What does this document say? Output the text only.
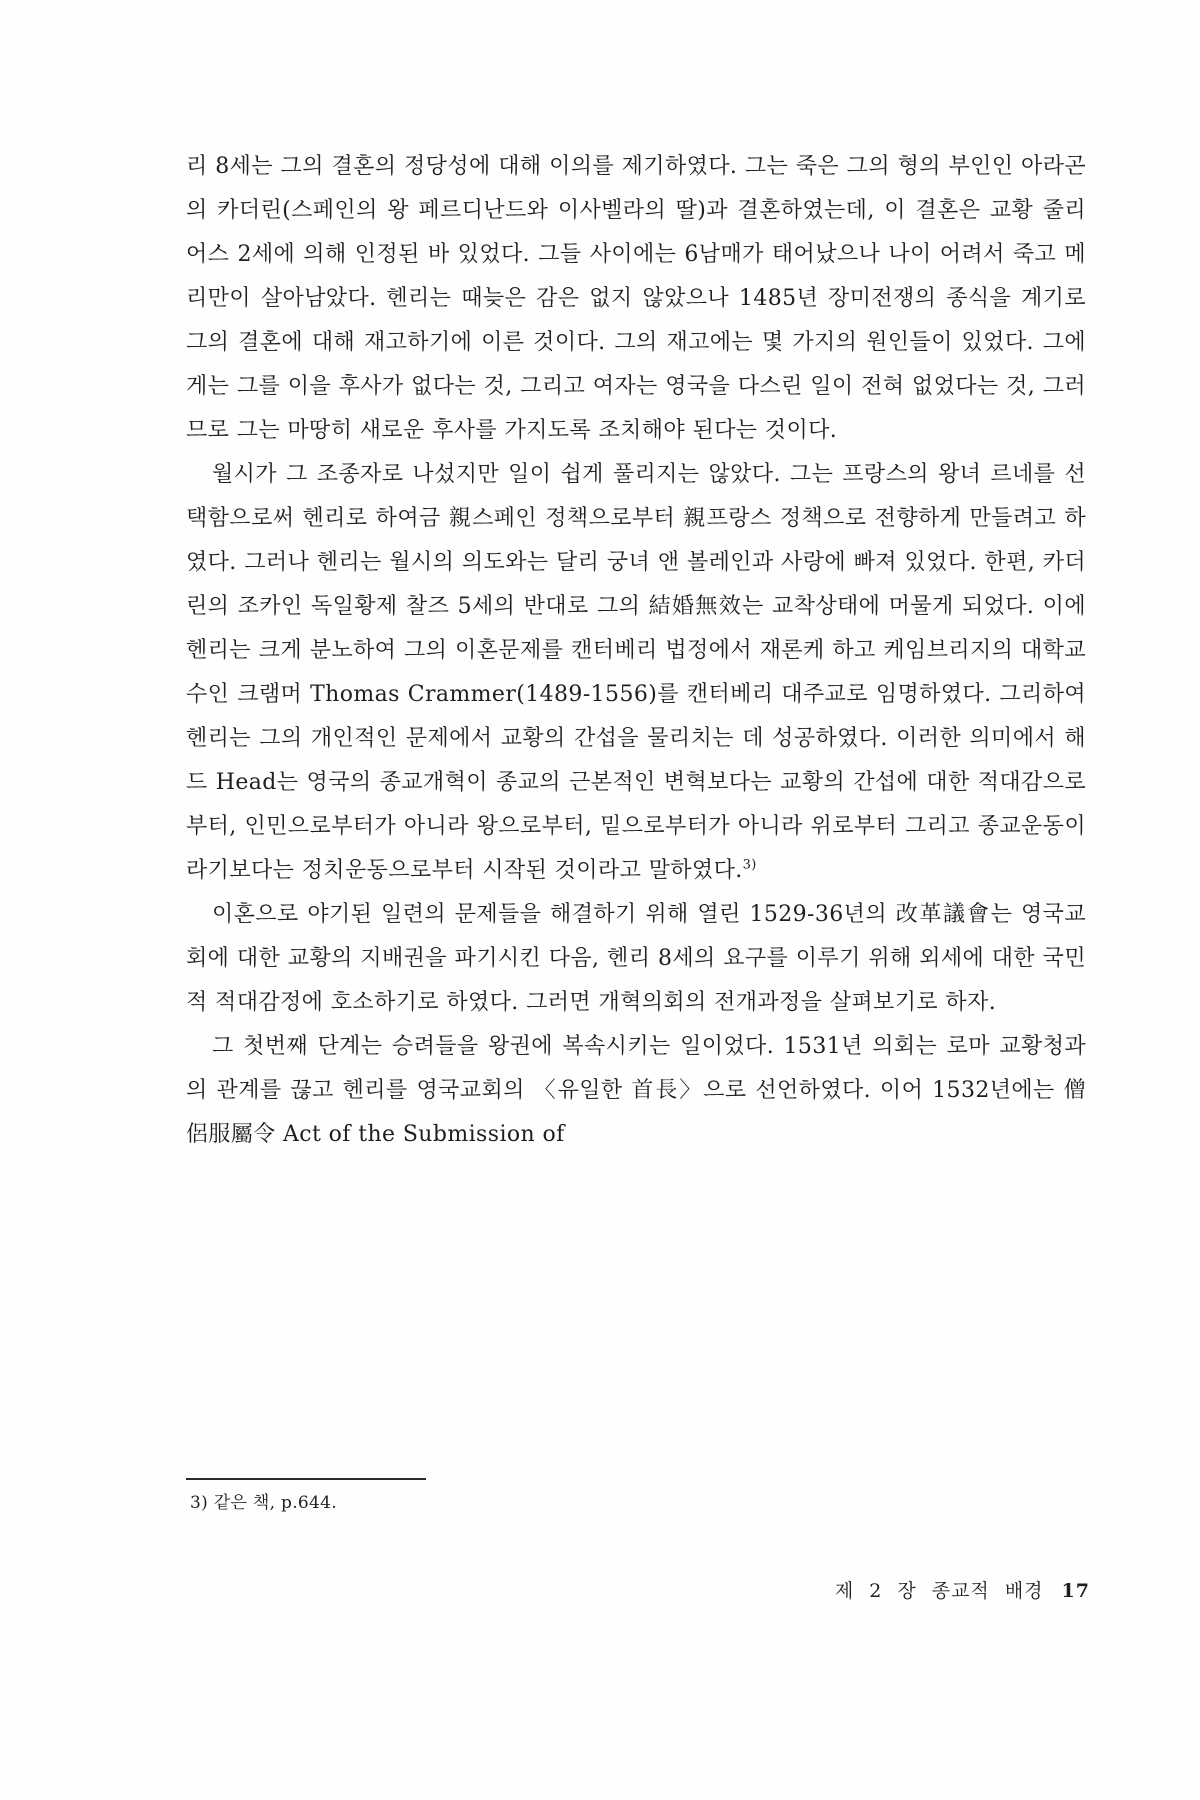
리 8세는 그의 결혼의 정당성에 대해 이의를 제기하였다. 그는 죽은 그의 형의 부인인 아라곤의 카더린(스페인의 왕 페르디난드와 이사벨라의 딸)과 결혼하였는데, 이 결혼은 교황 줄리어스 2세에 의해 인정된 바 있었다. 그들 사이에는 6남매가 태어났으나 나이 어려서 죽고 메리만이 살아남았다. 헨리는 때늦은 감은 없지 않았으나 1485년 장미전쟁의 종식을 계기로 그의 결혼에 대해 재고하기에 이른 것이다. 그의 재고에는 몇 가지의 원인들이 있었다. 그에게는 그를 이을 후사가 없다는 것, 그리고 여자는 영국을 다스린 일이 전혀 없었다는 것, 그러므로 그는 마땅히 새로운 후사를 가지도록 조치해야 된다는 것이다.

월시가 그 조종자로 나섰지만 일이 쉽게 풀리지는 않았다. 그는 프랑스의 왕녀 르네를 선택함으로써 헨리로 하여금 親스페인 정책으로부터 親프랑스 정책으로 전향하게 만들려고 하였다. 그러나 헨리는 월시의 의도와는 달리 궁녀 앤 볼레인과 사랑에 빠져 있었다. 한편, 카더린의 조카인 독일황제 찰즈 5세의 반대로 그의 結婚無效는 교착상태에 머물게 되었다. 이에 헨리는 크게 분노하여 그의 이혼문제를 캔터베리 법정에서 재론케 하고 케임브리지의 대학교수인 크램머 Thomas Crammer(1489-1556)를 캔터베리 대주교로 임명하였다. 그리하여 헨리는 그의 개인적인 문제에서 교황의 간섭을 물리치는 데 성공하였다. 이러한 의미에서 해드 Head는 영국의 종교개혁이 종교의 근본적인 변혁보다는 교황의 간섭에 대한 적대감으로부터, 인민으로부터가 아니라 왕으로부터, 밑으로부터가 아니라 위로부터 그리고 종교운동이라기보다는 정치운동으로부터 시작된 것이라고 말하였다.$^{3)}$

이혼으로 야기된 일련의 문제들을 해결하기 위해 열린 1529-36년의 改革議會는 영국교회에 대한 교황의 지배권을 파기시킨 다음, 헨리 8세의 요구를 이루기 위해 외세에 대한 국민적 적대감정에 호소하기로 하였다. 그러면 개혁의회의 전개과정을 살펴보기로 하자.

그 첫번째 단계는 승려들을 왕권에 복속시키는 일이었다. 1531년 의회는 로마 교황청과의 관계를 끊고 헨리를 영국교회의 〈유일한 首長〉으로 선언하였다. 이어 1532년에는 僧侶服屬令 Act of the Submission of

3) 같은 책, p.644.
제 2 장 종교적 배경 17
